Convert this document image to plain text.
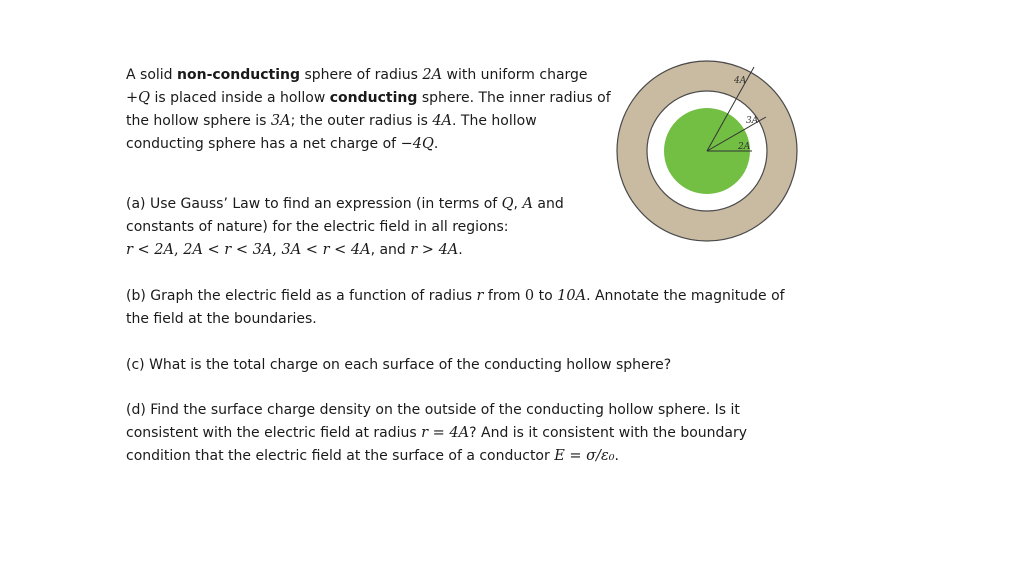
A solid non-conducting sphere of radius 2A with uniform charge +Q is placed inside a hollow conducting sphere. The inner radius of the hollow sphere is 3A; the outer radius is 4A. The hollow conducting sphere has a net charge of −4Q.

(a) Use Gauss’ Law to find an expression (in terms of Q, A and constants of nature) for the electric field in all regions:

r < 2A, 2A < r < 3A, 3A < r < 4A, and r > 4A.

(b) Graph the electric field as a function of radius r from 0 to 10A. Annotate the magnitude of the field at the boundaries.

(c) What is the total charge on each surface of the conducting hollow sphere?

(d) Find the surface charge density on the outside of the conducting hollow sphere. Is it consistent with the electric field at radius r = 4A? And is it consistent with the boundary condition that the electric field at the surface of a conductor E = σ/ε₀.

2A
3A
4A
